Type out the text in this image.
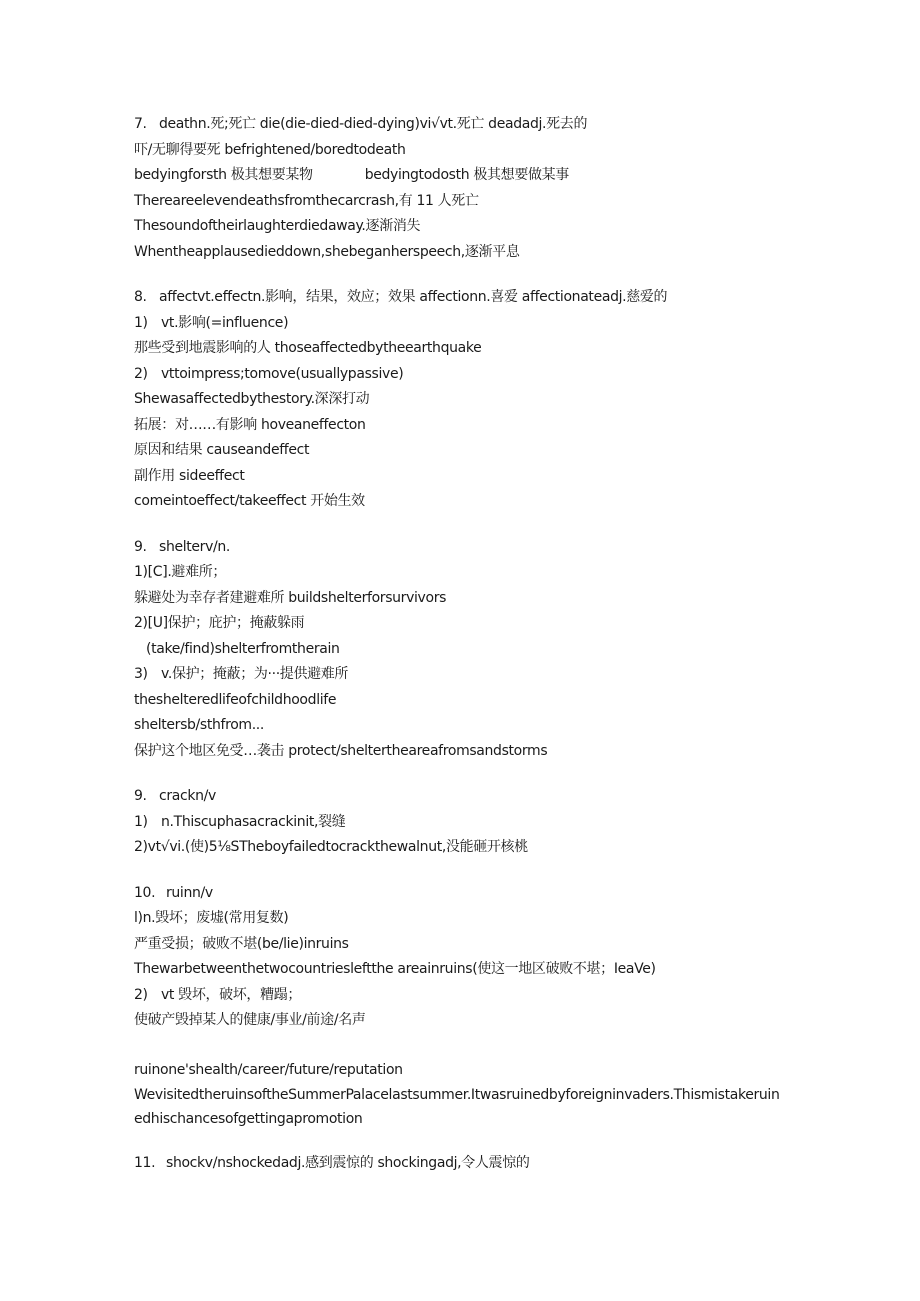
7. deathn.死;死亡 die(die-died-died-dying)vi√vt.死亡 deadadj.死去的
吓/无聊得要死 befrightened/boredtodeath
bedyingforsth 极其想要某物	bedyingtodosth 极其想要做某事
Thereareelevendeathsfromthecarcrash,有 11 人死亡
Thesoundoftheirlaughterdiedaway.逐渐消失
Whentheapplausedieddown,shebeganherspeech,逐渐平息
8. affectvt.effectn.影响，结果，效应；效果 affectionn.喜爱 affectionateadj.慈爱的
1) vt.影响(=influence)
那些受到地震影响的人 thoseaffectedbytheearthquake
2) vttoimpress;tomove(usuallypassive)
Shewasaffectedbythestory.深深打动
拓展：对……有影响 hoveaneffecton
原因和结果 causeandeffect
副作用 sideeffect
comeintoeffect/takeeffect 开始生效
9. shelterv/n.
1)[C].避难所；
躲避处为幸存者建避难所 buildshelterforsurvivors
2)[U]保护；庇护；掩蔽躲雨
(take/find)shelterfromtherain
3) v.保护；掩蔽；为···提供避难所
theshelteredlifeofchildhoodlife
sheltersb/sthfrom...
保护这个地区免受…袭击 protect/sheltertheareafromsandstorms
9. crackn/v
1) n.Thiscuphasacrackinit,裂缝
2)vt√vi.(使)5⅛STheboyfailedtocrackthewalnut,没能砸开核桃
10. ruinn/v
l)n.毁坏；废墟(常用复数)
严重受损；破败不堪(be/lie)inruins
Thewarbetweenthetwocountriesleftthe areainruins(使这一地区破败不堪；IeaVe)
2) vt 毁坏，破坏，糟蹋；
使破产毁掉某人的健康/事业/前途/名声
ruinone'shealth/career/future/reputation
WevisitedtheruinsoftheSummerPalacelastsummer.Itwasruinedbyforeigninvaders.Thismistakeruinedhischancesofgettingapromotion
11. shockv/nshockedadj.感到震惊的 shockingadj,令人震惊的
